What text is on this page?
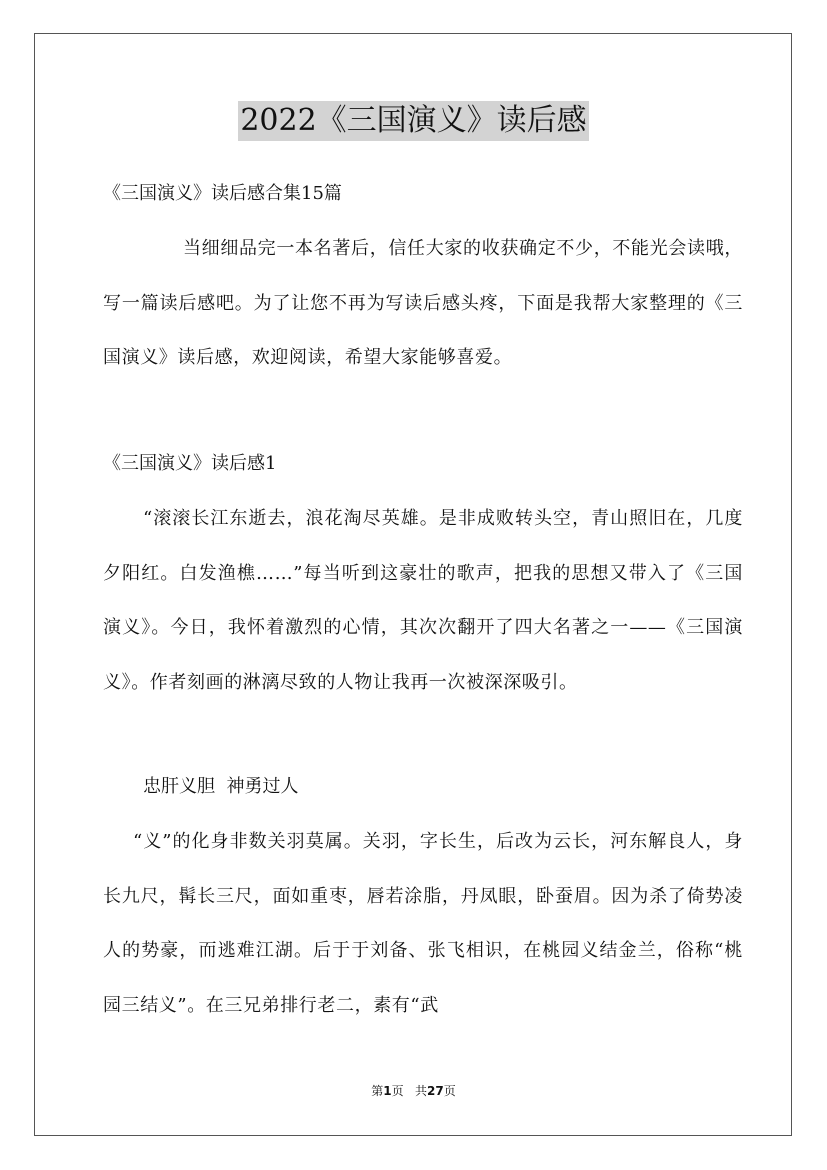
2022《三国演义》读后感

《三国演义》读后感合集15篇

当细细品完一本名著后，信任大家的收获确定不少，不能光会读哦，写一篇读后感吧。为了让您不再为写读后感头疼，下面是我帮大家整理的《三国演义》读后感，欢迎阅读，希望大家能够喜爱。

《三国演义》读后感1

“滚滚长江东逝去，浪花淘尽英雄。是非成败转头空，青山照旧在，几度夕阳红。白发渔樵……”每当听到这豪壮的歌声，把我的思想又带入了《三国演义》。今日，我怀着激烈的心情，其次次翻开了四大名著之一——《三国演义》。作者刻画的淋漓尽致的人物让我再一次被深深吸引。

忠肝义胆  神勇过人

“义”的化身非数关羽莫属。关羽，字长生，后改为云长，河东解良人，身长九尺，髯长三尺，面如重枣，唇若涂脂，丹凤眼，卧蚕眉。因为杀了倚势凌人的势豪，而逃难江湖。后于于刘备、张飞相识，在桃园义结金兰，俗称“桃园三结义”。在三兄弟排行老二，素有“武

第1页   共27页
